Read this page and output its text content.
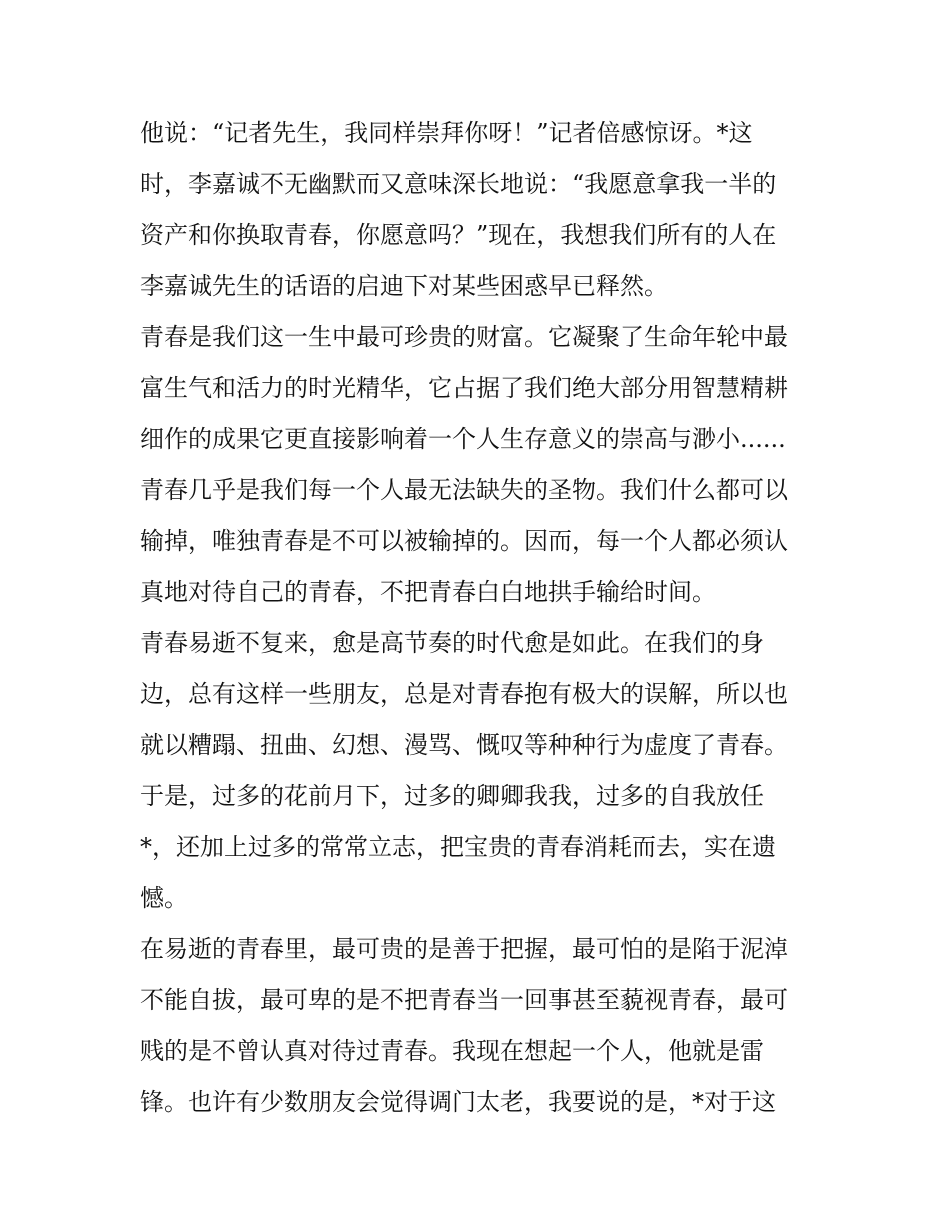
他说：“记者先生，我同样崇拜你呀！”记者倍感惊讶。*这
时，李嘉诚不无幽默而又意味深长地说：“我愿意拿我一半的
资产和你换取青春，你愿意吗？”现在，我想我们所有的人在
李嘉诚先生的话语的启迪下对某些困惑早已释然。
青春是我们这一生中最可珍贵的财富。它凝聚了生命年轮中最
富生气和活力的时光精华，它占据了我们绝大部分用智慧精耕
细作的成果它更直接影响着一个人生存意义的崇高与渺小......
青春几乎是我们每一个人最无法缺失的圣物。我们什么都可以
输掉，唯独青春是不可以被输掉的。因而，每一个人都必须认
真地对待自己的青春，不把青春白白地拱手输给时间。
青春易逝不复来，愈是高节奏的时代愈是如此。在我们的身
边，总有这样一些朋友，总是对青春抱有极大的误解，所以也
就以糟蹋、扭曲、幻想、漫骂、慨叹等种种行为虚度了青春。
于是，过多的花前月下，过多的卿卿我我，过多的自我放任
*，还加上过多的常常立志，把宝贵的青春消耗而去，实在遗
憾。
在易逝的青春里，最可贵的是善于把握，最可怕的是陷于泥淖
不能自拔，最可卑的是不把青春当一回事甚至藐视青春，最可
贱的是不曾认真对待过青春。我现在想起一个人，他就是雷
锋。也许有少数朋友会觉得调门太老，我要说的是，*对于这
